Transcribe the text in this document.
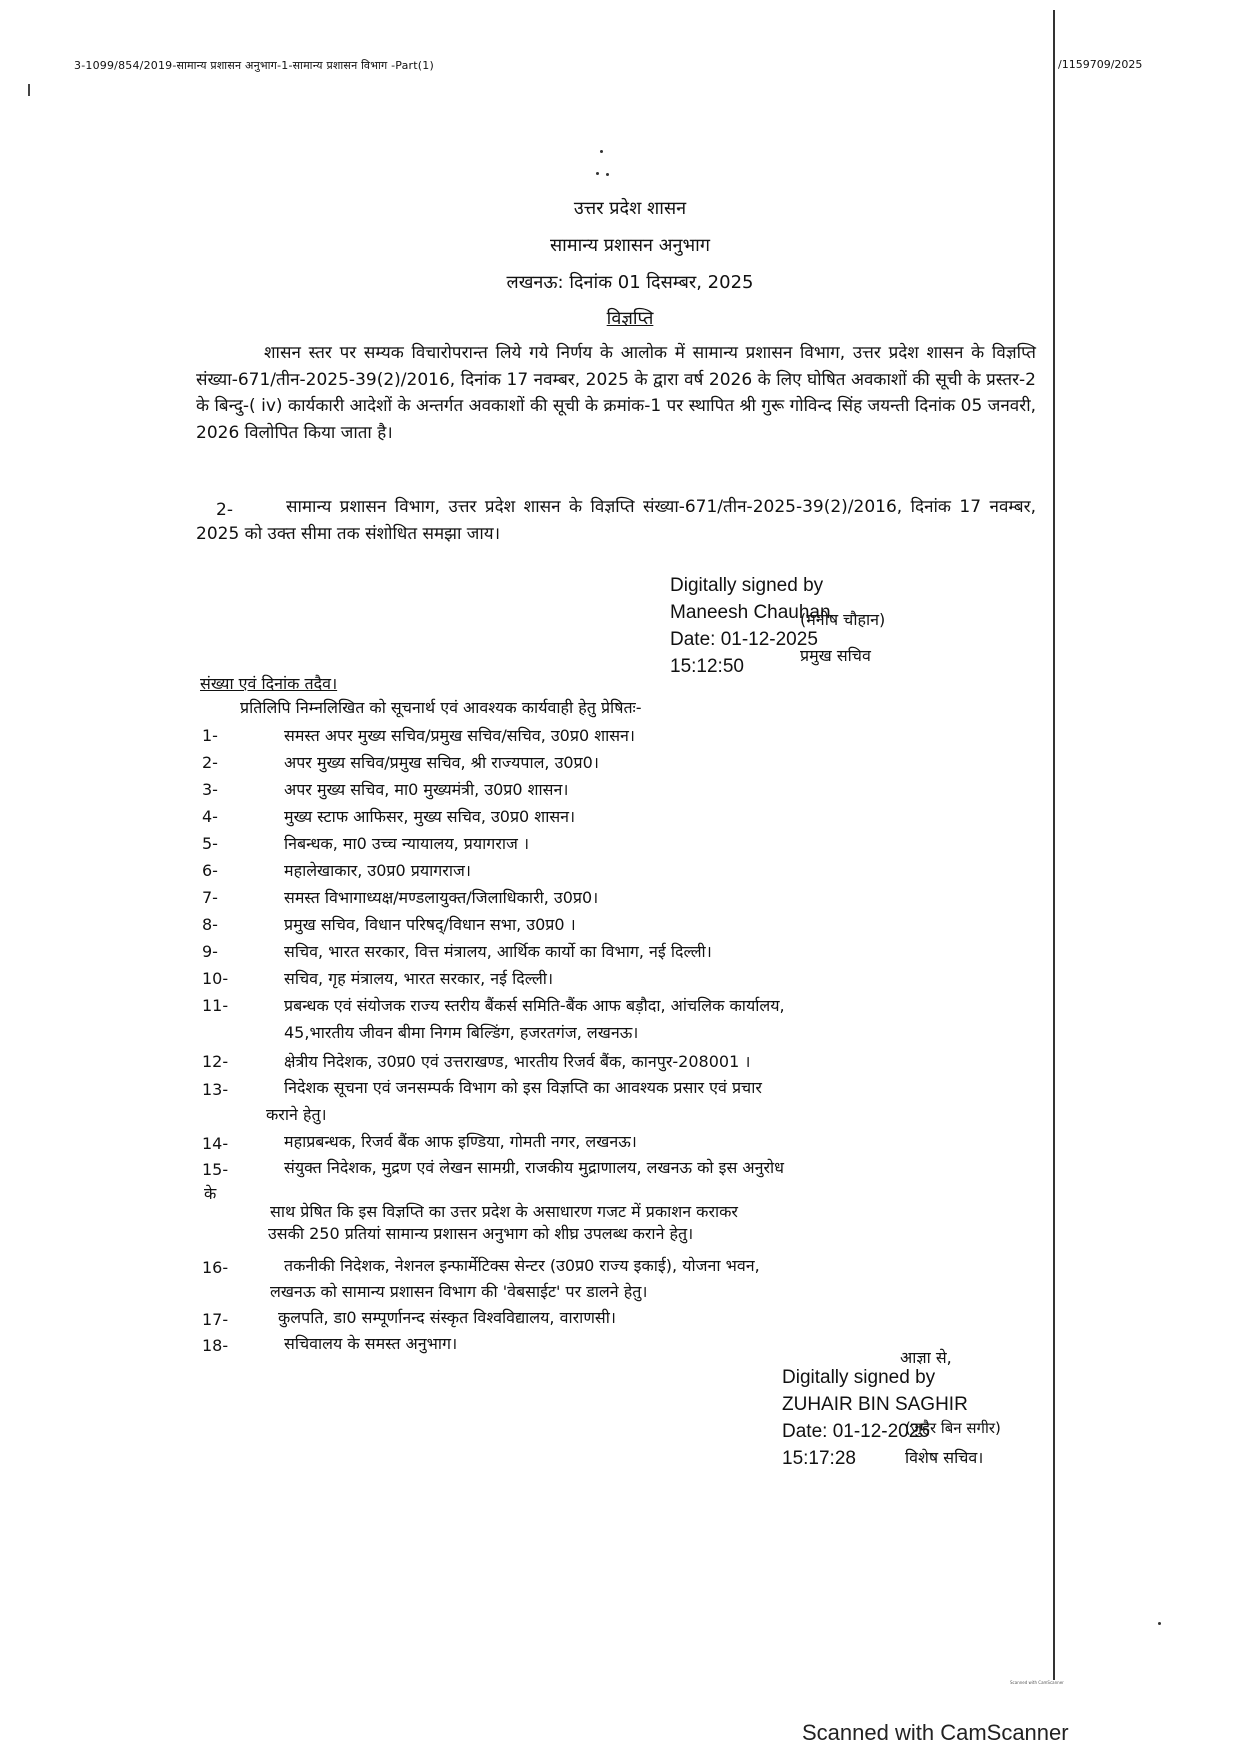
3-1099/854/2019-सामान्य प्रशासन अनुभाग-1-सामान्य प्रशासन विभाग -Part(1)	/1159709/2025
उत्तर प्रदेश शासन
सामान्य प्रशासन अनुभाग
लखनऊ: दिनांक 01 दिसम्बर, 2025
विज्ञप्ति
शासन स्तर पर सम्यक विचारोपरान्त लिये गये निर्णय के आलोक में सामान्य प्रशासन विभाग, उत्तर प्रदेश शासन के विज्ञप्ति संख्या-671/तीन-2025-39(2)/2016, दिनांक 17 नवम्बर, 2025 के द्वारा वर्ष 2026 के लिए घोषित अवकाशों की सूची के प्रस्तर-2 के बिन्दु-( iv) कार्यकारी आदेशों के अन्तर्गत अवकाशों की सूची के क्रमांक-1 पर स्थापित श्री गुरू गोविन्द सिंह जयन्ती दिनांक 05 जनवरी, 2026 विलोपित किया जाता है।
2-	सामान्य प्रशासन विभाग, उत्तर प्रदेश शासन के विज्ञप्ति संख्या-671/तीन-2025-39(2)/2016, दिनांक 17 नवम्बर, 2025 को उक्त सीमा तक संशोधित समझा जाय।
Digitally signed by
Maneesh Chauhan
Date: 01-12-2025
15:12:50
(मनीष चौहान)
प्रमुख सचिव
संख्या एवं दिनांक तदैव।
प्रतिलिपि निम्नलिखित को सूचनार्थ एवं आवश्यक कार्यवाही हेतु प्रेषितः-
1-	समस्त अपर मुख्य सचिव/प्रमुख सचिव/सचिव, उ0प्र0 शासन।
2-	अपर मुख्य सचिव/प्रमुख सचिव, श्री राज्यपाल, उ0प्र0।
3-	अपर मुख्य सचिव, मा0 मुख्यमंत्री, उ0प्र0 शासन।
4-	मुख्य स्टाफ आफिसर, मुख्य सचिव, उ0प्र0 शासन।
5-	निबन्धक, मा0 उच्च न्यायालय, प्रयागराज ।
6-	महालेखाकार, उ0प्र0 प्रयागराज।
7-	समस्त विभागाध्यक्ष/मण्डलायुक्त/जिलाधिकारी, उ0प्र0।
8-	प्रमुख सचिव, विधान परिषद्/विधान सभा, उ0प्र0 ।
9-	सचिव, भारत सरकार, वित्त मंत्रालय, आर्थिक कार्यो का विभाग, नई दिल्ली।
10-	सचिव, गृह मंत्रालय, भारत सरकार, नई दिल्ली।
11-	प्रबन्धक एवं संयोजक राज्य स्तरीय बैंकर्स समिति-बैंक आफ बड़ौदा, आंचलिक कार्यालय,
45,भारतीय जीवन बीमा निगम बिल्डिंग, हजरतगंज, लखनऊ।
12-	क्षेत्रीय निदेशक, उ0प्र0 एवं उत्तराखण्ड, भारतीय रिजर्व बैंक, कानपुर-208001 ।
13-	निदेशक सूचना एवं जनसम्पर्क विभाग को इस विज्ञप्ति का आवश्यक प्रसार एवं प्रचार
कराने हेतु।
14-	महाप्रबन्धक, रिजर्व बैंक आफ इण्डिया, गोमती नगर, लखनऊ।
15-	संयुक्त निदेशक, मुद्रण एवं लेखन सामग्री, राजकीय मुद्राणालय, लखनऊ को इस अनुरोध
के
साथ प्रेषित कि इस विज्ञप्ति का उत्तर प्रदेश के असाधारण गजट में प्रकाशन कराकर
उसकी 250 प्रतियां सामान्य प्रशासन अनुभाग को शीघ्र उपलब्ध कराने हेतु।
16-	तकनीकी निदेशक, नेशनल इन्फार्मेटिक्स सेन्टर (उ0प्र0 राज्य इकाई), योजना भवन,
लखनऊ को सामान्य प्रशासन विभाग की 'वेबसाईट' पर डालने हेतु।
17-	कुलपति, डा0 सम्पूर्णानन्द संस्कृत विश्वविद्यालय, वाराणसी।
18-	सचिवालय के समस्त अनुभाग।
आज्ञा से,
Digitally signed by
ZUHAIR BIN SAGHIR
Date: 01-12-2025
15:17:28
(जुहैर बिन सगीर)
विशेष सचिव।
Scanned with CamScanner
Scanned with CamScanner
